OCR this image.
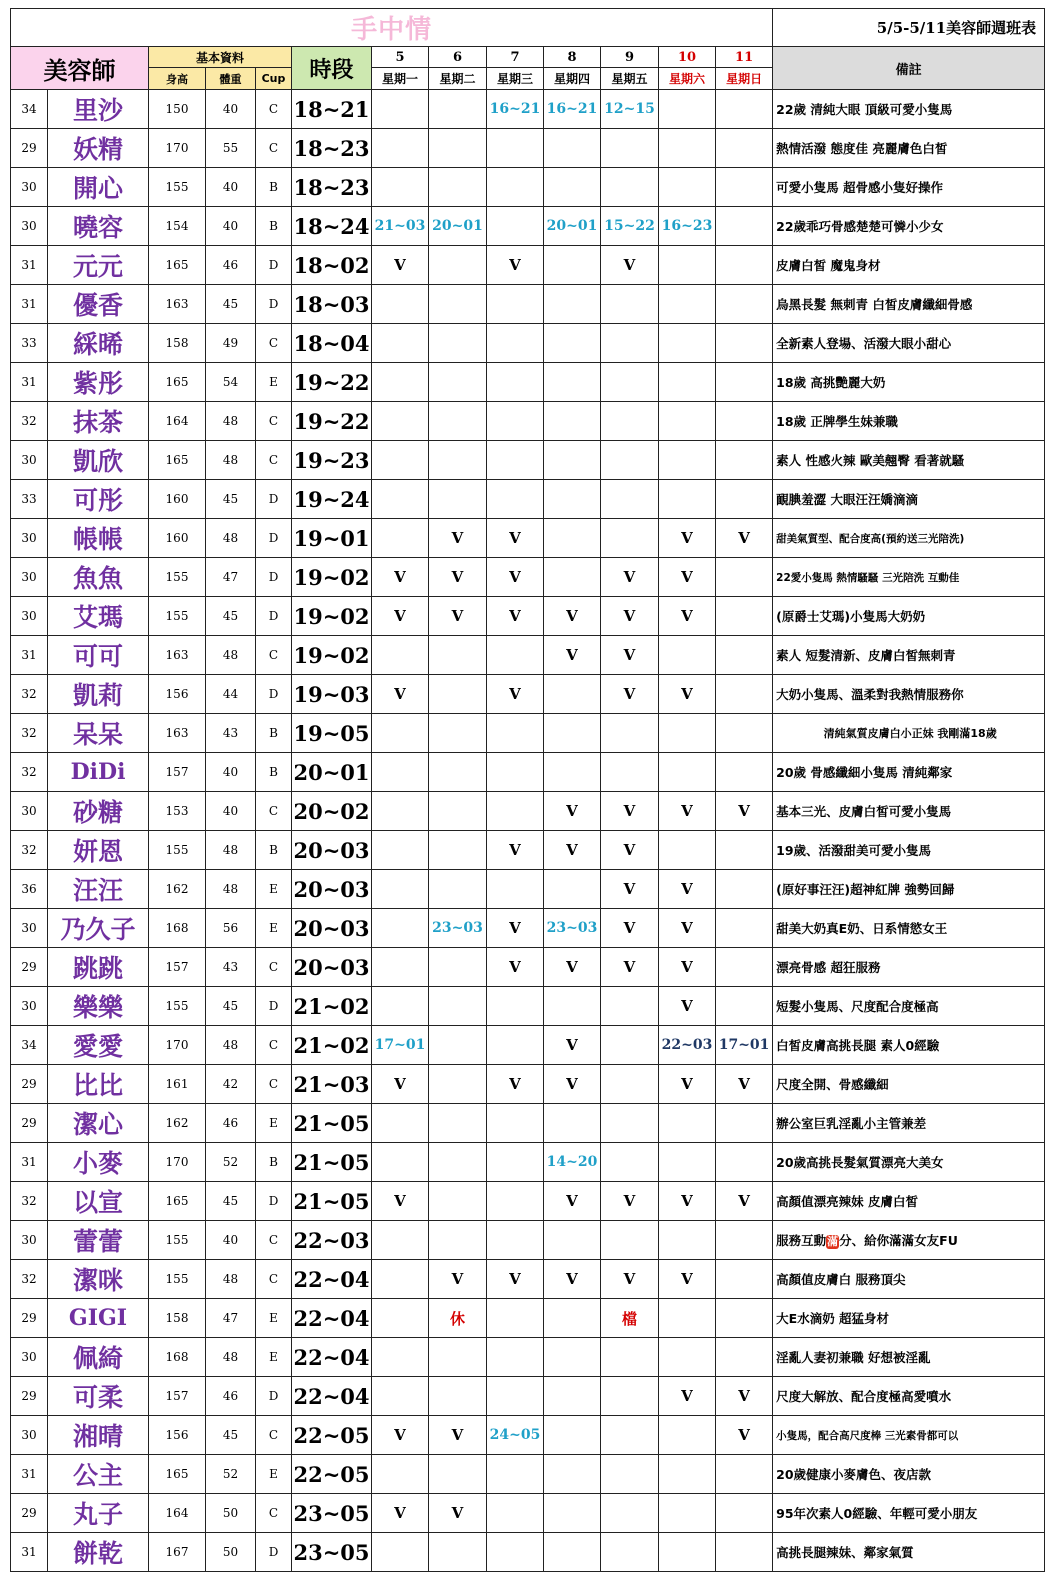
手中情													5/5-5/11美容師週班表
美容師		基本資料			時段	5	6	7	8	9	10	11	備註
		身高	體重	Cup		星期一	星期二	星期三	星期四	星期五	星期六	星期日	
34	里沙	150	40	C	18~21			16~21	16~21	12~15			22歲 清純大眼 頂級可愛小隻馬
29	妖精	170	55	C	18~23								熱情活潑 態度佳 亮麗膚色白皙
30	開心	155	40	B	18~23								可愛小隻馬 超骨感小隻好操作
30	曉容	154	40	B	18~24	21~03	20~01		20~01	15~22	16~23		22歲乖巧骨感楚楚可憐小少女
31	元元	165	46	D	18~02	V		V		V			皮膚白皙 魔鬼身材
31	優香	163	45	D	18~03								烏黑長髮 無刺青 白皙皮膚纖細骨感
33	綵晞	158	49	C	18~04								全新素人登場、活潑大眼小甜心
31	紫彤	165	54	E	19~22								18歲 高挑艷麗大奶
32	抹茶	164	48	C	19~22								18歲 正牌學生妹兼職
30	凱欣	165	48	C	19~23								素人 性感火辣 歐美翹臀 看著就騷
33	可彤	160	45	D	19~24								靦腆羞澀 大眼汪汪嬌滴滴
30	帳帳	160	48	D	19~01		V	V			V	V	甜美氣質型、配合度高(預約送三光陪洗)
30	魚魚	155	47	D	19~02	V	V	V		V	V		22愛小隻馬 熱情騷騷 三光陪洗 互動佳
30	艾瑪	155	45	D	19~02	V	V	V	V	V	V		(原爵士艾瑪)小隻馬大奶奶
31	可可	163	48	C	19~02				V	V			素人 短髮清新、皮膚白皙無刺青
32	凱莉	156	44	D	19~03	V		V		V	V		大奶小隻馬、溫柔對我熱情服務你
32	呆呆	163	43	B	19~05								清純氣質皮膚白小正妹 我剛滿18歲
32	DiDi	157	40	B	20~01								20歲 骨感纖細小隻馬 清純鄰家
30	砂糖	153	40	C	20~02				V	V	V	V	基本三光、皮膚白皙可愛小隻馬
32	妍恩	155	48	B	20~03			V	V	V			19歲、活潑甜美可愛小隻馬
36	汪汪	162	48	E	20~03					V	V		(原好事汪汪)超神紅牌 強勢回歸
30	乃久子	168	56	E	20~03		23~03	V	23~03	V	V		甜美大奶真E奶、日系情慾女王
29	跳跳	157	43	C	20~03			V	V	V	V		漂亮骨感 超狂服務
30	樂樂	155	45	D	21~02						V		短髮小隻馬、尺度配合度極高
34	愛愛	170	48	C	21~02	17~01			V		22~03	17~01	白皙皮膚高挑長腿 素人0經驗
29	比比	161	42	C	21~03	V		V	V		V	V	尺度全開、骨感纖細
29	潔心	162	46	E	21~05								辦公室巨乳淫亂小主管兼差
31	小麥	170	52	B	21~05				14~20				20歲高挑長髮氣質漂亮大美女
32	以宣	165	45	D	21~05	V			V	V	V	V	高顏值漂亮辣妹 皮膚白皙
30	蕾蕾	155	40	C	22~03								服務互動滿分、給你滿滿女友FU
32	潔咪	155	48	C	22~04		V	V	V	V	V		高顏值皮膚白 服務頂尖
29	GIGI	158	47	E	22~04		休			檔			大E水滴奶 超猛身材
30	佩綺	168	48	E	22~04								淫亂人妻初兼職 好想被淫亂
29	可柔	157	46	D	22~04						V	V	尺度大解放、配合度極高愛噴水
30	湘晴	156	45	C	22~05	V	V	24~05				V	小隻馬，配合高尺度棒 三光素骨都可以
31	公主	165	52	E	22~05								20歲健康小麥膚色、夜店款
29	丸子	164	50	C	23~05	V	V						95年次素人0經驗、年輕可愛小朋友
31	餅乾	167	50	D	23~05								高挑長腿辣妹、鄰家氣質
